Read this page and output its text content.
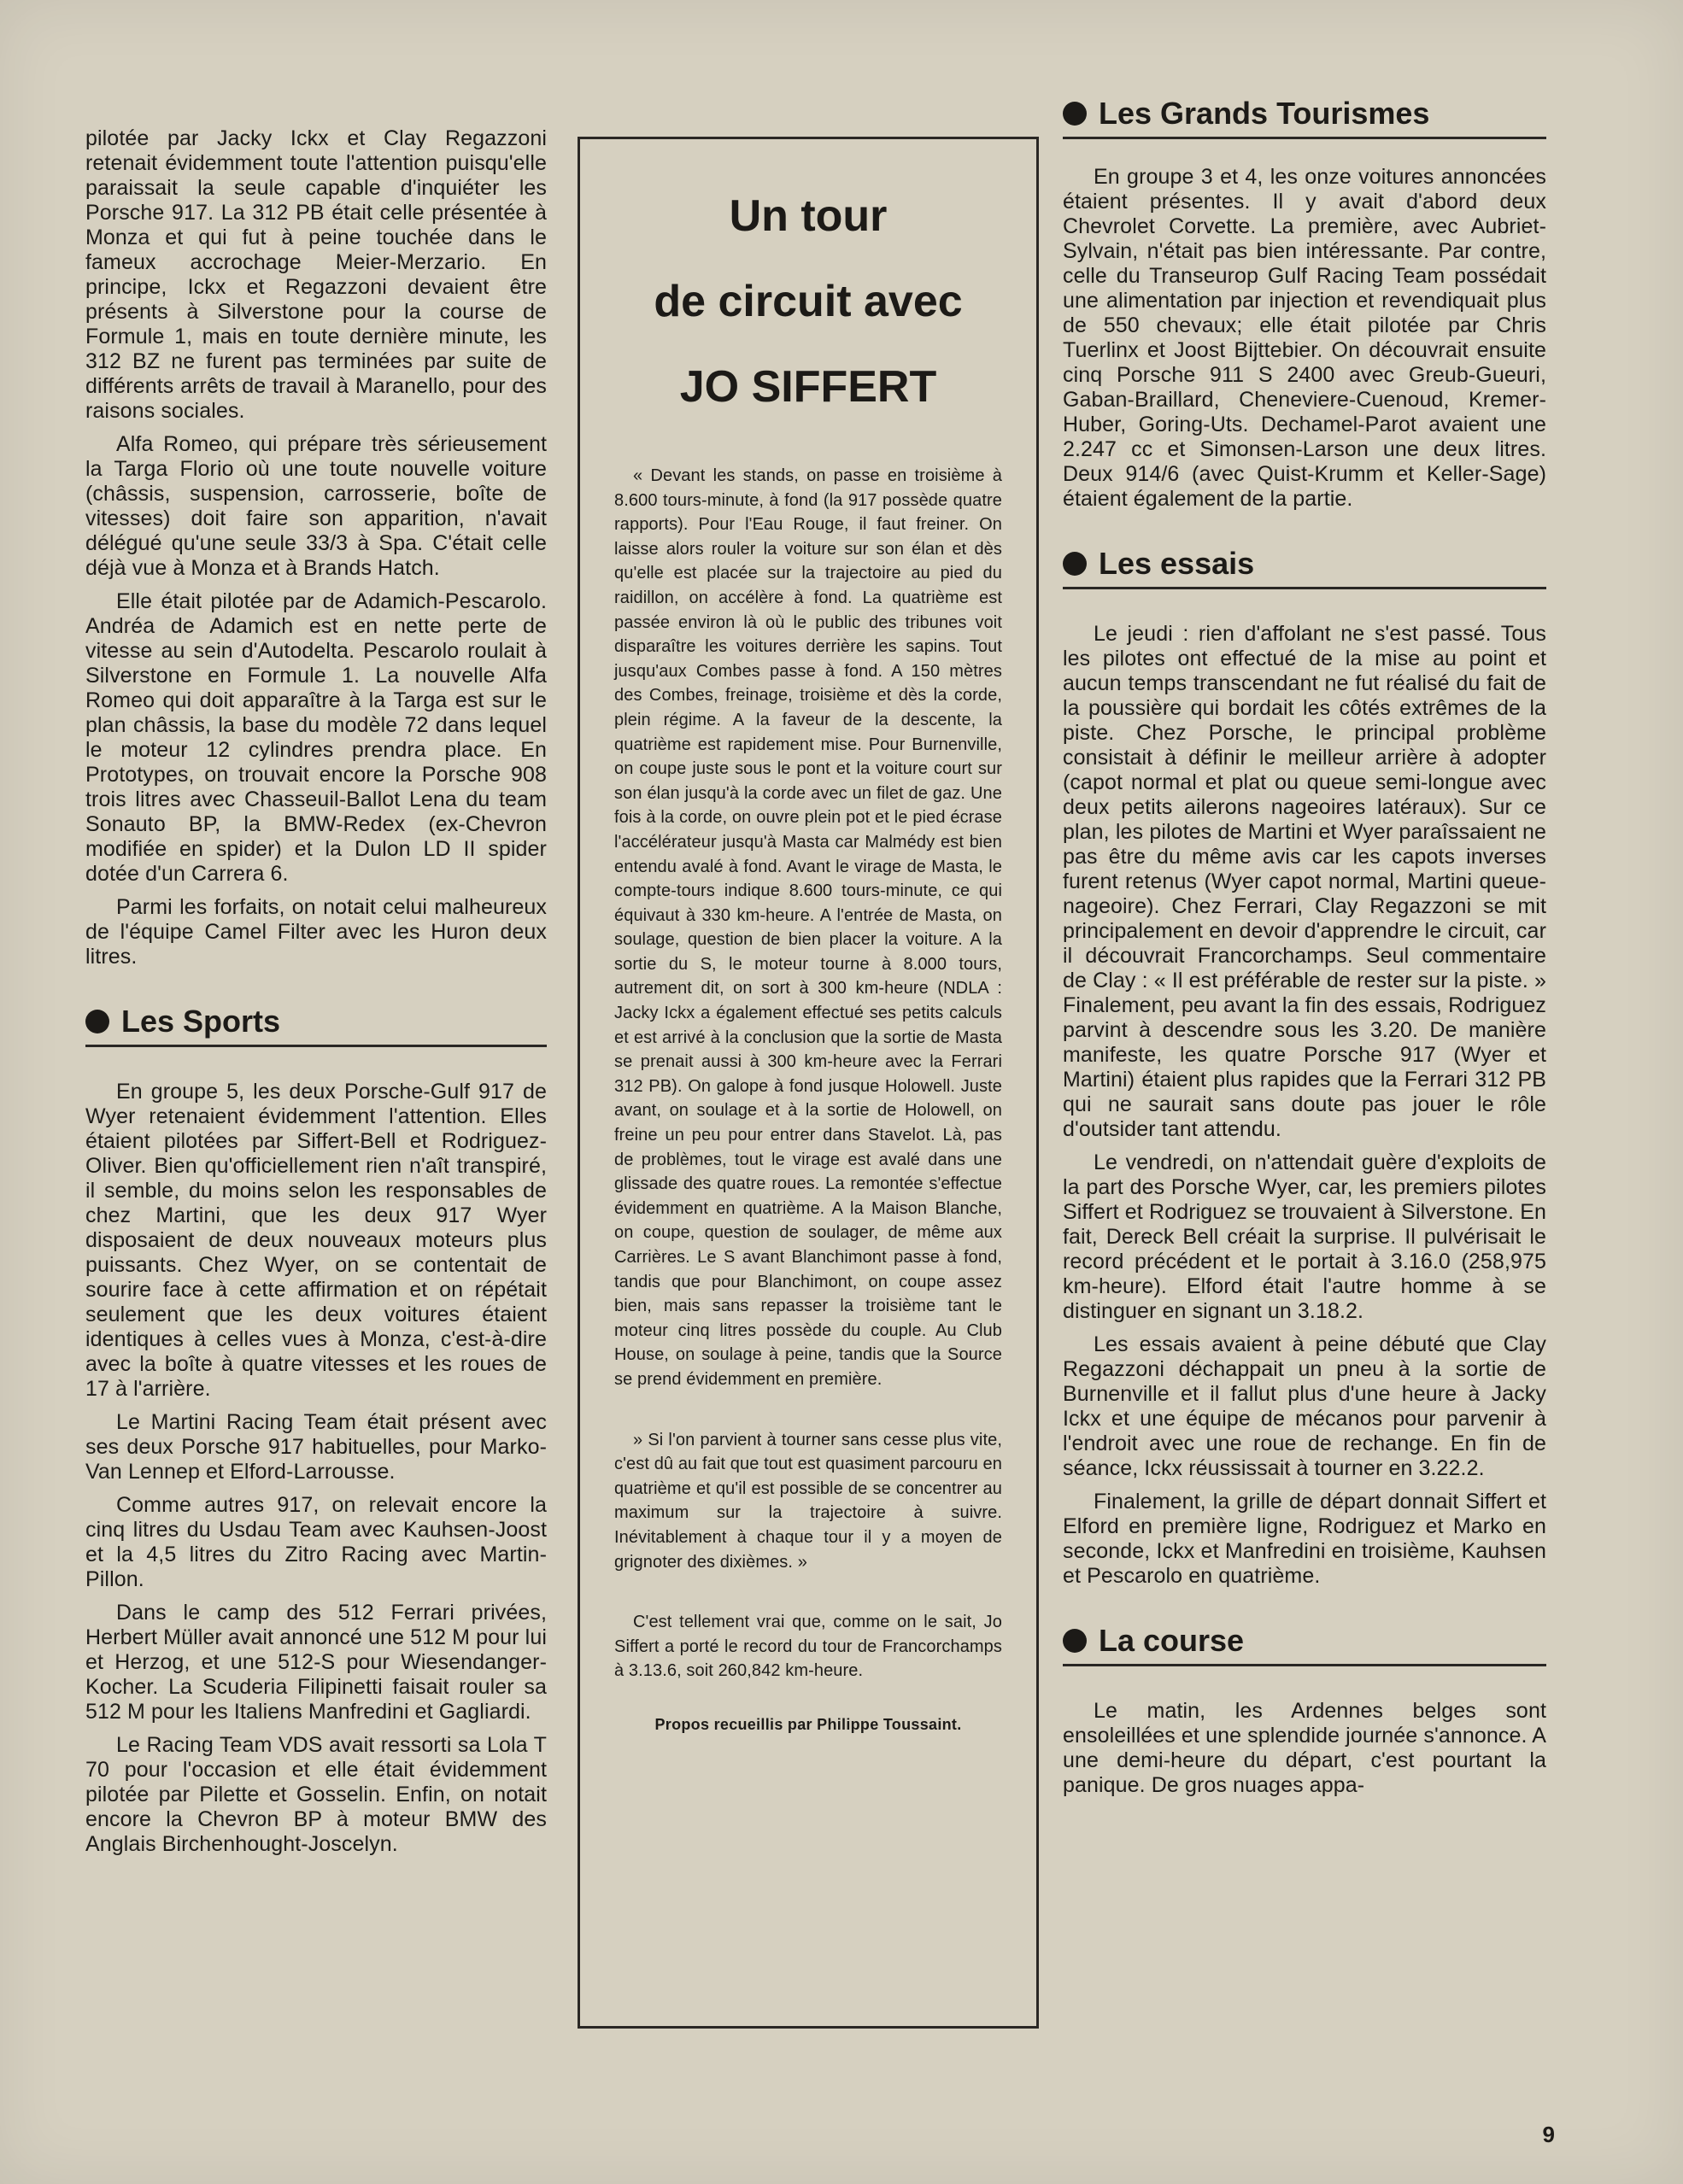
pilotée par Jacky Ickx et Clay Regazzoni retenait évidemment toute l'attention puisqu'elle paraissait la seule capable d'inquiéter les Porsche 917. La 312 PB était celle présentée à Monza et qui fut à peine touchée dans le fameux accrochage Meier-Merzario. En principe, Ickx et Regazzoni devaient être présents à Silverstone pour la course de Formule 1, mais en toute dernière minute, les 312 BZ ne furent pas terminées par suite de différents arrêts de travail à Maranello, pour des raisons sociales.

Alfa Romeo, qui prépare très sérieusement la Targa Florio où une toute nouvelle voiture (châssis, suspension, carrosserie, boîte de vitesses) doit faire son apparition, n'avait délégué qu'une seule 33/3 à Spa. C'était celle déjà vue à Monza et à Brands Hatch.

Elle était pilotée par de Adamich-Pescarolo. Andréa de Adamich est en nette perte de vitesse au sein d'Autodelta. Pescarolo roulait à Silverstone en Formule 1. La nouvelle Alfa Romeo qui doit apparaître à la Targa est sur le plan châssis, la base du modèle 72 dans lequel le moteur 12 cylindres prendra place. En Prototypes, on trouvait encore la Porsche 908 trois litres avec Chasseuil-Ballot Lena du team Sonauto BP, la BMW-Redex (ex-Chevron modifiée en spider) et la Dulon LD II spider dotée d'un Carrera 6.

Parmi les forfaits, on notait celui malheureux de l'équipe Camel Filter avec les Huron deux litres.

Les Sports

En groupe 5, les deux Porsche-Gulf 917 de Wyer retenaient évidemment l'attention. Elles étaient pilotées par Siffert-Bell et Rodriguez-Oliver. Bien qu'officiellement rien n'aît transpiré, il semble, du moins selon les responsables de chez Martini, que les deux 917 Wyer disposaient de deux nouveaux moteurs plus puissants. Chez Wyer, on se contentait de sourire face à cette affirmation et on répétait seulement que les deux voitures étaient identiques à celles vues à Monza, c'est-à-dire avec la boîte à quatre vitesses et les roues de 17 à l'arrière.

Le Martini Racing Team était présent avec ses deux Porsche 917 habituelles, pour Marko-Van Lennep et Elford-Larrousse.

Comme autres 917, on relevait encore la cinq litres du Usdau Team avec Kauhsen-Joost et la 4,5 litres du Zitro Racing avec Martin-Pillon.

Dans le camp des 512 Ferrari privées, Herbert Müller avait annoncé une 512 M pour lui et Herzog, et une 512-S pour Wiesendanger-Kocher. La Scuderia Filipinetti faisait rouler sa 512 M pour les Italiens Manfredini et Gagliardi.

Le Racing Team VDS avait ressorti sa Lola T 70 pour l'occasion et elle était évidemment pilotée par Pilette et Gosselin. Enfin, on notait encore la Chevron BP à moteur BMW des Anglais Birchenhought-Joscelyn.

Un tour
de circuit avec
JO SIFFERT

« Devant les stands, on passe en troisième à 8.600 tours-minute, à fond (la 917 possède quatre rapports). Pour l'Eau Rouge, il faut freiner. On laisse alors rouler la voiture sur son élan et dès qu'elle est placée sur la trajectoire au pied du raidillon, on accélère à fond. La quatrième est passée environ là où le public des tribunes voit disparaître les voitures derrière les sapins. Tout jusqu'aux Combes passe à fond. A 150 mètres des Combes, freinage, troisième et dès la corde, plein régime. A la faveur de la descente, la quatrième est rapidement mise. Pour Burnenville, on coupe juste sous le pont et la voiture court sur son élan jusqu'à la corde avec un filet de gaz. Une fois à la corde, on ouvre plein pot et le pied écrase l'accélérateur jusqu'à Masta car Malmédy est bien entendu avalé à fond. Avant le virage de Masta, le compte-tours indique 8.600 tours-minute, ce qui équivaut à 330 km-heure. A l'entrée de Masta, on soulage, question de bien placer la voiture. A la sortie du S, le moteur tourne à 8.000 tours, autrement dit, on sort à 300 km-heure (NDLA : Jacky Ickx a également effectué ses petits calculs et est arrivé à la conclusion que la sortie de Masta se prenait aussi à 300 km-heure avec la Ferrari 312 PB). On galope à fond jusque Holowell. Juste avant, on soulage et à la sortie de Holowell, on freine un peu pour entrer dans Stavelot. Là, pas de problèmes, tout le virage est avalé dans une glissade des quatre roues. La remontée s'effectue évidemment en quatrième. A la Maison Blanche, on coupe, question de soulager, de même aux Carrières. Le S avant Blanchimont passe à fond, tandis que pour Blanchimont, on coupe assez bien, mais sans repasser la troisième tant le moteur cinq litres possède du couple. Au Club House, on soulage à peine, tandis que la Source se prend évidemment en première.

» Si l'on parvient à tourner sans cesse plus vite, c'est dû au fait que tout est quasiment parcouru en quatrième et qu'il est possible de se concentrer au maximum sur la trajectoire à suivre. Inévitablement à chaque tour il y a moyen de grignoter des dixièmes. »

C'est tellement vrai que, comme on le sait, Jo Siffert a porté le record du tour de Francorchamps à 3.13.6, soit 260,842 km-heure.

Propos recueillis par Philippe Toussaint.
Les Grands Tourismes

En groupe 3 et 4, les onze voitures annoncées étaient présentes. Il y avait d'abord deux Chevrolet Corvette. La première, avec Aubriet-Sylvain, n'était pas bien intéressante. Par contre, celle du Transeurop Gulf Racing Team possédait une alimentation par injection et revendiquait plus de 550 chevaux; elle était pilotée par Chris Tuerlinx et Joost Bijttebier. On découvrait ensuite cinq Porsche 911 S 2400 avec Greub-Gueuri, Gaban-Braillard, Cheneviere-Cuenoud, Kremer-Huber, Goring-Uts. Dechamel-Parot avaient une 2.247 cc et Simonsen-Larson une deux litres. Deux 914/6 (avec Quist-Krumm et Keller-Sage) étaient également de la partie.

Les essais

Le jeudi : rien d'affolant ne s'est passé. Tous les pilotes ont effectué de la mise au point et aucun temps transcendant ne fut réalisé du fait de la poussière qui bordait les côtés extrêmes de la piste. Chez Porsche, le principal problème consistait à définir le meilleur arrière à adopter (capot normal et plat ou queue semi-longue avec deux petits ailerons nageoires latéraux). Sur ce plan, les pilotes de Martini et Wyer paraîssaient ne pas être du même avis car les capots inverses furent retenus (Wyer capot normal, Martini queue-nageoire). Chez Ferrari, Clay Regazzoni se mit principalement en devoir d'apprendre le circuit, car il découvrait Francorchamps. Seul commentaire de Clay : « Il est préférable de rester sur la piste. » Finalement, peu avant la fin des essais, Rodriguez parvint à descendre sous les 3.20. De manière manifeste, les quatre Porsche 917 (Wyer et Martini) étaient plus rapides que la Ferrari 312 PB qui ne saurait sans doute pas jouer le rôle d'outsider tant attendu.

Le vendredi, on n'attendait guère d'exploits de la part des Porsche Wyer, car, les premiers pilotes Siffert et Rodriguez se trouvaient à Silverstone. En fait, Dereck Bell créait la surprise. Il pulvérisait le record précédent et le portait à 3.16.0 (258,975 km-heure). Elford était l'autre homme à se distinguer en signant un 3.18.2.

Les essais avaient à peine débuté que Clay Regazzoni déchappait un pneu à la sortie de Burnenville et il fallut plus d'une heure à Jacky Ickx et une équipe de mécanos pour parvenir à l'endroit avec une roue de rechange. En fin de séance, Ickx réussissait à tourner en 3.22.2.

Finalement, la grille de départ donnait Siffert et Elford en première ligne, Rodriguez et Marko en seconde, Ickx et Manfredini en troisième, Kauhsen et Pescarolo en quatrième.

La course

Le matin, les Ardennes belges sont ensoleillées et une splendide journée s'annonce. A une demi-heure du départ, c'est pourtant la panique. De gros nuages appa-

9
